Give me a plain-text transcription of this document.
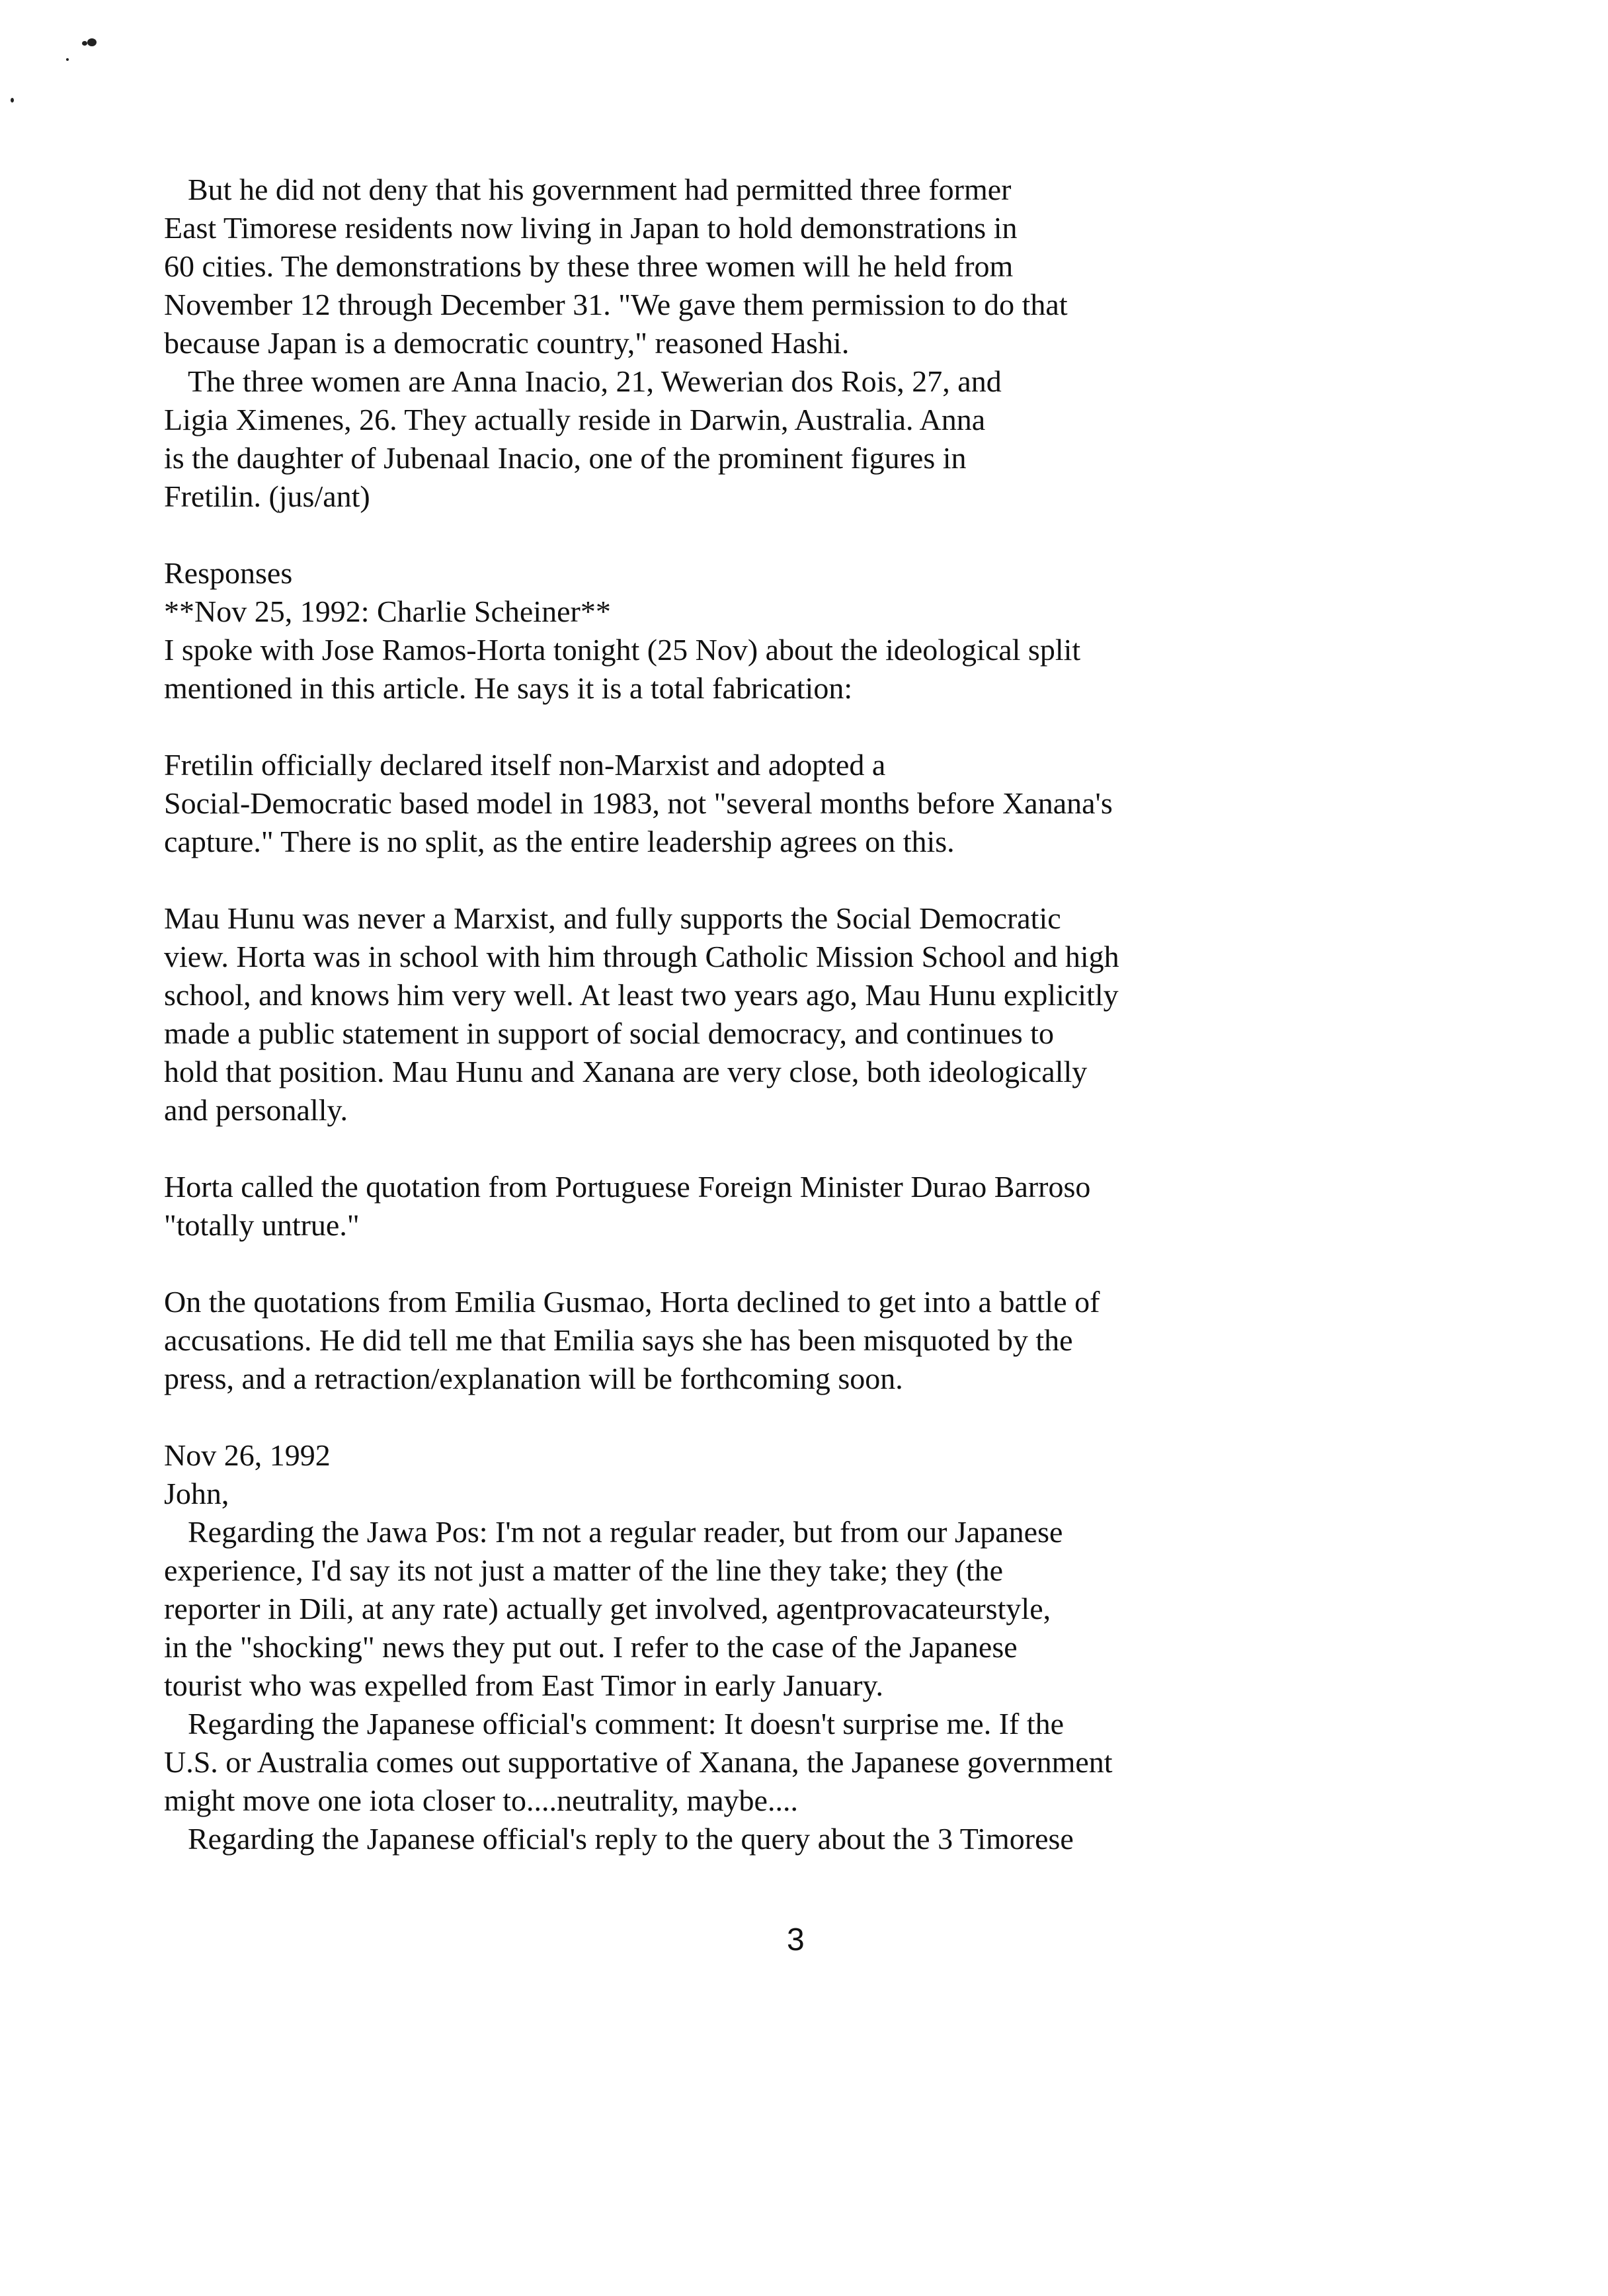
But he did not deny that his government had permitted three former
East Timorese residents now living in Japan to hold demonstrations in
60 cities. The demonstrations by these three women will he held from
November 12 through December 31. "We gave them permission to do that
because Japan is a democratic country," reasoned Hashi.
The three women are Anna Inacio, 21, Wewerian dos Rois, 27, and
Ligia Ximenes, 26. They actually reside in Darwin, Australia. Anna
is the daughter of Jubenaal Inacio, one of the prominent figures in
Fretilin. (jus/ant)
Responses
**Nov 25, 1992: Charlie Scheiner**
I spoke with Jose Ramos-Horta tonight (25 Nov) about the ideological split
mentioned in this article. He says it is a total fabrication:
Fretilin officially declared itself non-Marxist and adopted a
Social-Democratic based model in 1983, not "several months before Xanana's
capture." There is no split, as the entire leadership agrees on this.
Mau Hunu was never a Marxist, and fully supports the Social Democratic
view. Horta was in school with him through Catholic Mission School and high
school, and knows him very well. At least two years ago, Mau Hunu explicitly
made a public statement in support of social democracy, and continues to
hold that position. Mau Hunu and Xanana are very close, both ideologically
and personally.
Horta called the quotation from Portuguese Foreign Minister Durao Barroso
"totally untrue."
On the quotations from Emilia Gusmao, Horta declined to get into a battle of
accusations. He did tell me that Emilia says she has been misquoted by the
press, and a retraction/explanation will be forthcoming soon.
Nov 26, 1992
John,
Regarding the Jawa Pos: I'm not a regular reader, but from our Japanese
experience, I'd say its not just a matter of the line they take; they (the
reporter in Dili, at any rate) actually get involved, agentprovacateurstyle,
in the "shocking" news they put out. I refer to the case of the Japanese
tourist who was expelled from East Timor in early January.
Regarding the Japanese official's comment: It doesn't surprise me. If the
U.S. or Australia comes out supportative of Xanana, the Japanese government
might move one iota closer to....neutrality, maybe....
Regarding the Japanese official's reply to the query about the 3 Timorese
3
